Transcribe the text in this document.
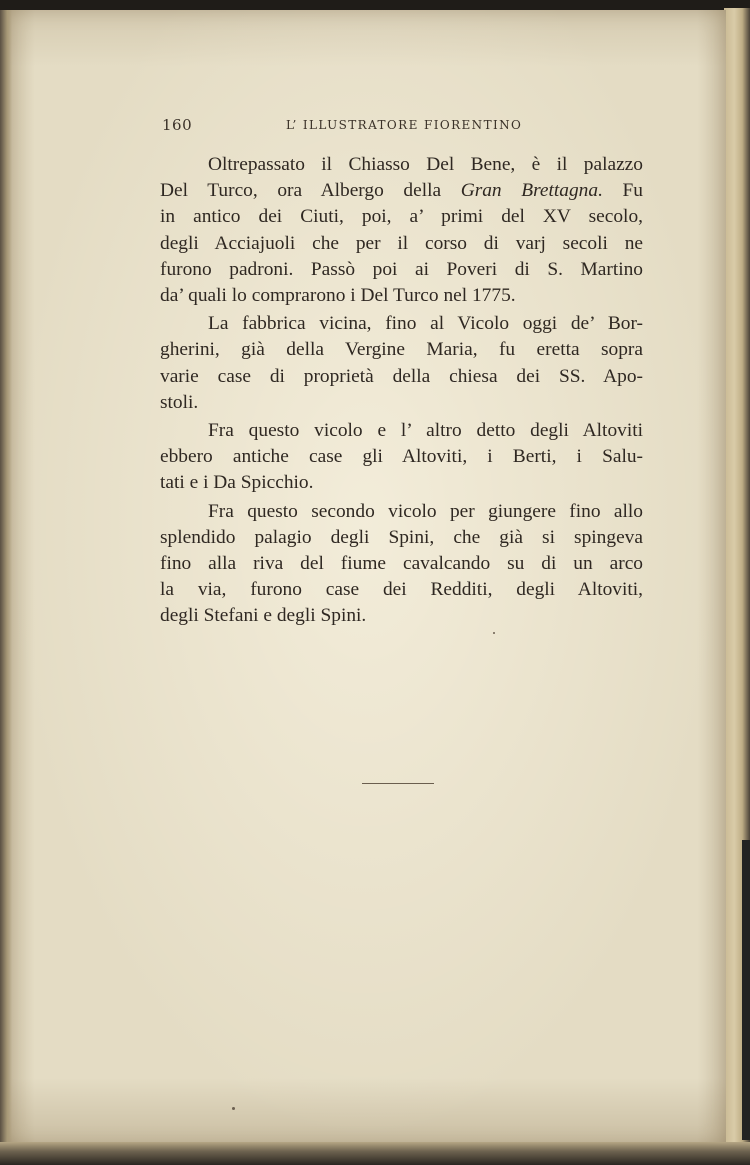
160	L’ ILLUSTRATORE FIORENTINO
Oltrepassato il Chiasso Del Bene, è il palazzo
Del Turco, ora Albergo della Gran Brettagna. Fu
in antico dei Ciuti, poi, a’ primi del XV secolo,
degli Acciajuoli che per il corso di varj secoli ne
furono padroni. Passò poi ai Poveri di S. Martino
da’ quali lo comprarono i Del Turco nel 1775.
La fabbrica vicina, fino al Vicolo oggi de’ Bor-
gherini, già della Vergine Maria, fu eretta sopra
varie case di proprietà della chiesa dei SS. Apo-
stoli.
Fra questo vicolo e l’ altro detto degli Altoviti
ebbero antiche case gli Altoviti, i Berti, i Salu-
tati e i Da Spicchio.
Fra questo secondo vicolo per giungere fino allo
splendido palagio degli Spini, che già si spingeva
fino alla riva del fiume cavalcando su di un arco
la via, furono case dei Redditi, degli Altoviti,
degli Stefani e degli Spini.
